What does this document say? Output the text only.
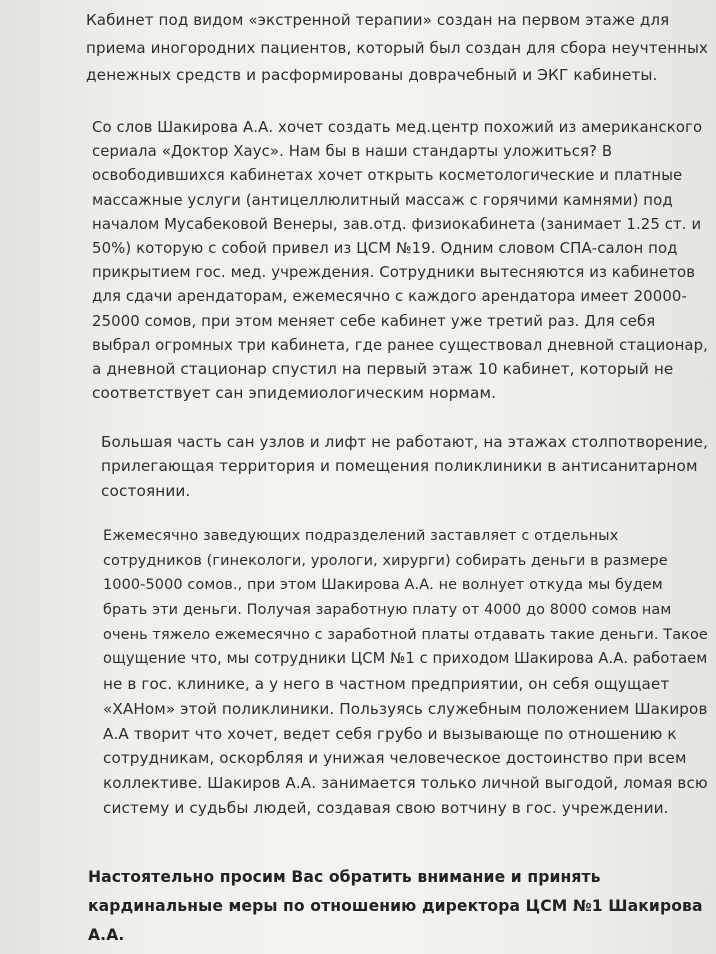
Кабинет под видом «экстренной терапии» создан на первом этаже для
приема иногородних пациентов, который был создан для сбора неучтенных
денежных средств и расформированы доврачебный и ЭКГ кабинеты.
Со слов Шакирова А.А. хочет создать мед.центр похожий из американского
сериала «Доктор Хаус». Нам бы в наши стандарты уложиться? В
освободившихся кабинетах хочет открыть косметологические и платные
массажные услуги (антицеллюлитный массаж с горячими камнями) под
началом Мусабековой Венеры, зав.отд. физиокабинета (занимает 1.25 ст. и
50%) которую с собой привел из ЦСМ №19. Одним словом СПА-салон под
прикрытием гос. мед. учреждения. Сотрудники вытесняются из кабинетов
для сдачи арендаторам, ежемесячно с каждого арендатора имеет 20000-
25000 сомов, при этом меняет себе кабинет уже третий раз. Для себя
выбрал огромных три кабинета, где ранее существовал дневной стационар,
а дневной стационар спустил на первый этаж 10 кабинет, который не
соответствует сан эпидемиологическим нормам.
Большая часть сан узлов и лифт не работают, на этажах столпотворение,
прилегающая территория и помещения поликлиники в антисанитарном
состоянии.
Ежемесячно заведующих подразделений заставляет с отдельных
сотрудников (гинекологи, урологи, хирурги) собирать деньги в размере
1000-5000 сомов., при этом Шакирова А.А. не волнует откуда мы будем
брать эти деньги. Получая заработную плату от 4000 до 8000 сомов нам
очень тяжело ежемесячно с заработной платы отдавать такие деньги. Такое
ощущение что, мы сотрудники ЦСМ №1 с приходом Шакирова А.А. работаем
не в гос. клинике, а у него в частном предприятии, он себя ощущает
«ХАНом» этой поликлиники. Пользуясь служебным положением Шакиров
А.А творит что хочет, ведет себя грубо и вызывающе по отношению к
сотрудникам, оскорбляя и унижая человеческое достоинство при всем
коллективе. Шакиров А.А. занимается только личной выгодой, ломая всю
систему и судьбы людей, создавая свою вотчину в гос. учреждении.
Настоятельно просим Вас обратить внимание и принять
кардинальные меры по отношению директора ЦСМ №1 Шакирова
А.А.
